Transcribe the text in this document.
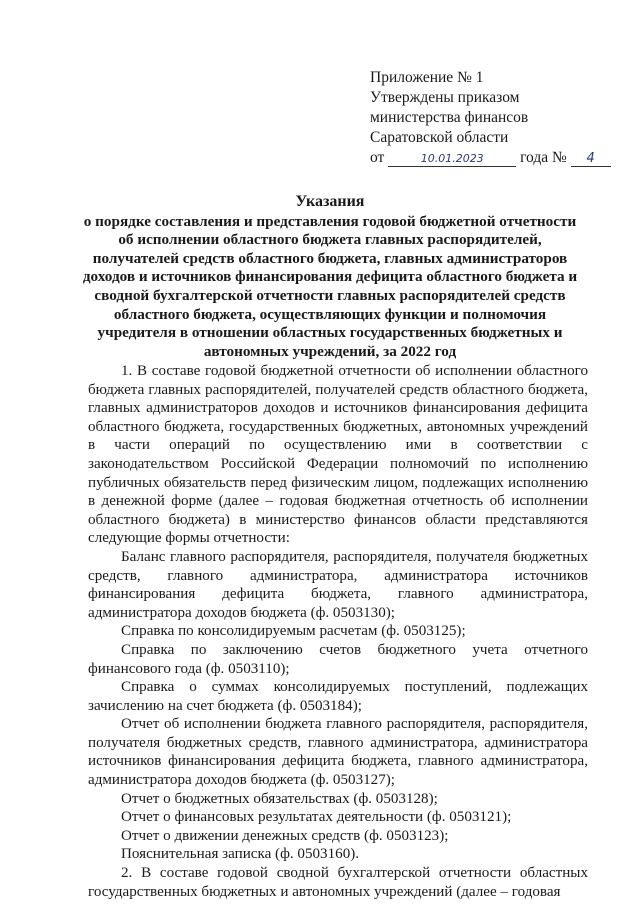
Приложение № 1
Утверждены приказом
министерства финансов
Саратовской области
от	10.01.2023 года № 4
Указания
о порядке составления и представления годовой бюджетной отчетности
об исполнении областного бюджета главных распорядителей,
получателей средств областного бюджета, главных администраторов
доходов и источников финансирования дефицита областного бюджета и
сводной бухгалтерской отчетности главных распорядителей средств
областного бюджета, осуществляющих функции и полномочия
учредителя в отношении областных государственных бюджетных и
автономных учреждений, за 2022 год

1. В составе годовой бюджетной отчетности об исполнении областного бюджета главных распорядителей, получателей средств областного бюджета, главных администраторов доходов и источников финансирования дефицита областного бюджета, государственных бюджетных, автономных учреждений в части операций по осуществлению ими в соответствии с законодательством Российской Федерации полномочий по исполнению публичных обязательств перед физическим лицом, подлежащих исполнению в денежной форме (далее – годовая бюджетная отчетность об исполнении областного бюджета) в министерство финансов области представляются следующие формы отчетности:

Баланс главного распорядителя, распорядителя, получателя бюджетных средств, главного администратора, администратора источников финансирования дефицита бюджета, главного администратора, администратора доходов бюджета (ф. 0503130);

Справка по консолидируемым расчетам (ф. 0503125);

Справка по заключению счетов бюджетного учета отчетного финансового года (ф. 0503110);

Справка о суммах консолидируемых поступлений, подлежащих зачислению на счет бюджета (ф. 0503184);

Отчет об исполнении бюджета главного распорядителя, распорядителя, получателя бюджетных средств, главного администратора, администратора источников финансирования дефицита бюджета, главного администратора, администратора доходов бюджета (ф. 0503127);

Отчет о бюджетных обязательствах (ф. 0503128);

Отчет о финансовых результатах деятельности (ф. 0503121);

Отчет о движении денежных средств (ф. 0503123);

Пояснительная записка (ф. 0503160).

2. В составе годовой сводной бухгалтерской отчетности областных государственных бюджетных и автономных учреждений (далее – годовая
